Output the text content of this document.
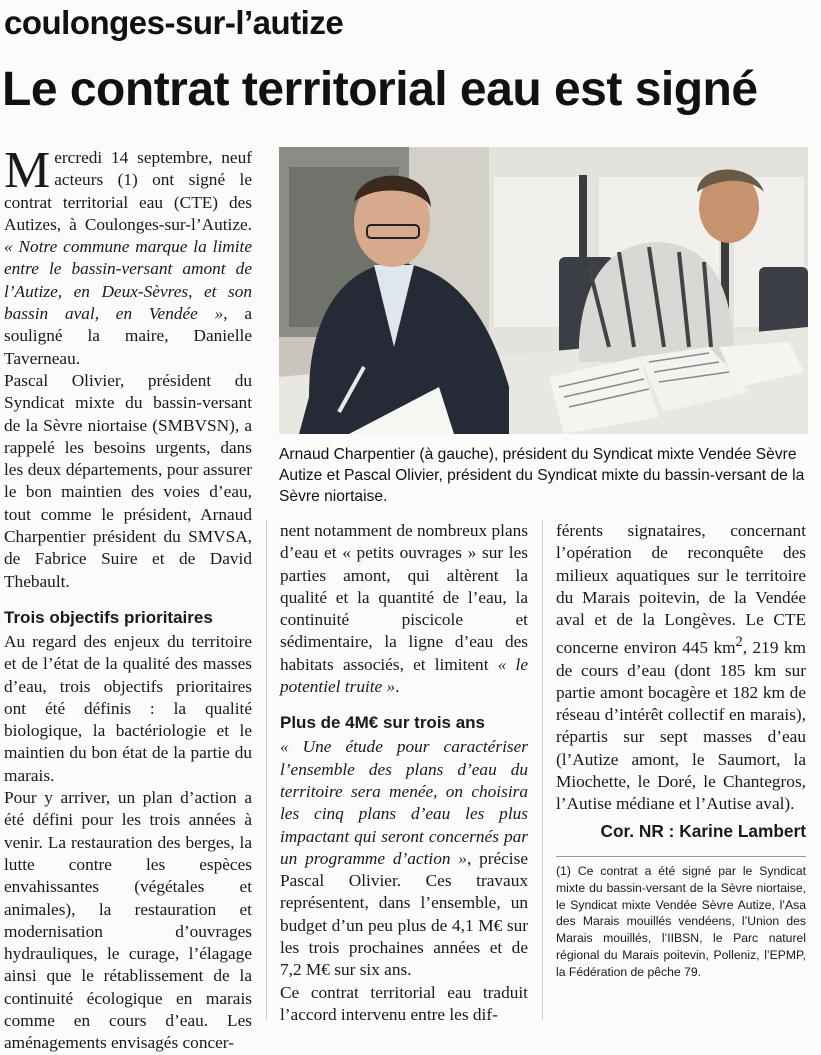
coulonges-sur-l’autize
Le contrat territorial eau est signé

Mercredi 14 septembre, neuf acteurs (1) ont signé le contrat territorial eau (CTE) des Autizes, à Coulonges-sur-l’Autize. « Notre commune marque la limite entre le bassin-versant amont de l’Autize, en Deux-Sèvres, et son bassin aval, en Vendée », a souligné la maire, Danielle Taverneau.

Pascal Olivier, président du Syndicat mixte du bassin-versant de la Sèvre niortaise (SMBVSN), a rappelé les besoins urgents, dans les deux départements, pour assurer le bon maintien des voies d’eau, tout comme le président, Arnaud Charpentier président du SMVSA, de Fabrice Suire et de David Thebault.

Trois objectifs prioritaires

Au regard des enjeux du territoire et de l’état de la qualité des masses d’eau, trois objectifs prioritaires ont été définis : la qualité biologique, la bactériologie et le maintien du bon état de la partie du marais.

Pour y arriver, un plan d’action a été défini pour les trois années à venir. La restauration des berges, la lutte contre les espèces envahissantes (végétales et animales), la restauration et modernisation d’ouvrages hydrauliques, le curage, l’élagage ainsi que le rétablissement de la continuité écologique en marais comme en cours d’eau. Les aménagements envisagés concer-

Arnaud Charpentier (à gauche), président du Syndicat mixte Vendée Sèvre Autize et Pascal Olivier, président du Syndicat mixte du bassin-versant de la Sèvre niortaise.

nent notamment de nombreux plans d’eau et « petits ouvrages » sur les parties amont, qui altèrent la qualité et la quantité de l’eau, la continuité piscicole et sédimentaire, la ligne d’eau des habitats associés, et limitent « le potentiel truite ».

Plus de 4M€ sur trois ans

« Une étude pour caractériser l’ensemble des plans d’eau du territoire sera menée, on choisira les cinq plans d’eau les plus impactant qui seront concernés par un programme d’action », précise Pascal Olivier. Ces travaux représentent, dans l’ensemble, un budget d’un peu plus de 4,1 M€ sur les trois prochaines années et de 7,2 M€ sur six ans.

Ce contrat territorial eau traduit l’accord intervenu entre les dif-

férents signataires, concernant l’opération de reconquête des milieux aquatiques sur le territoire du Marais poitevin, de la Vendée aval et de la Longèves. Le CTE concerne environ 445 $km^2$, 219 km de cours d’eau (dont 185 km sur partie amont bocagère et 182 km de réseau d’intérêt collectif en marais), répartis sur sept masses d’eau (l’Autize amont, le Saumort, la Miochette, le Doré, le Chantegros, l’Autise médiane et l’Autise aval).

Cor. NR : Karine Lambert
(1) Ce contrat a été signé par le Syndicat mixte du bassin-versant de la Sèvre niortaise, le Syndicat mixte Vendée Sèvre Autize, l’Asa des Marais mouillés vendéens, l’Union des Marais mouillés, l’IIBSN, le Parc naturel régional du Marais poitevin, Polleniz, l’EPMP, la Fédération de pêche 79.
